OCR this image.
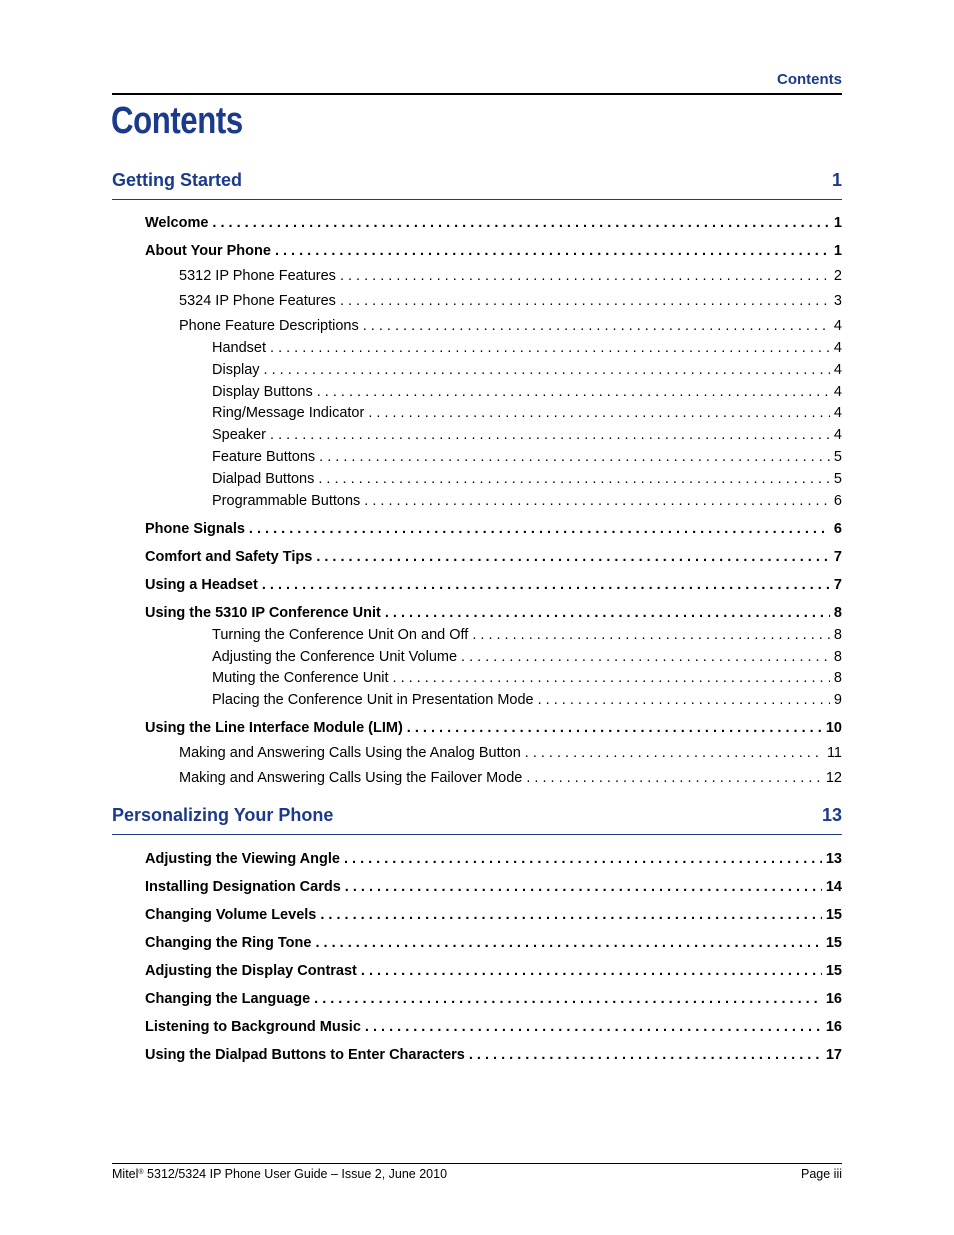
Contents
Contents
Getting Started	1
Personalizing Your Phone	13
Welcome . . .	1
About Your Phone . . .	1
5312 IP Phone Features . . .	2
5324 IP Phone Features . . .	3
Phone Feature Descriptions . . .	4
Handset . . .	4
Display . . .	4
Display Buttons . . .	4
Ring/Message Indicator . . .	4
Speaker . . .	4
Feature Buttons . . .	5
Dialpad Buttons . . .	5
Programmable Buttons . . .	6
Phone Signals . . .	6
Comfort and Safety Tips . . .	7
Using a Headset . . .	7
Using the 5310 IP Conference Unit . . .	8
Turning the Conference Unit On and Off . . .	8
Adjusting the Conference Unit Volume . . .	8
Muting the Conference Unit . . .	8
Placing the Conference Unit in Presentation Mode . . .	9
Using the Line Interface Module (LIM) . . .	10
Making and Answering Calls Using the Analog Button . . .	11
Making and Answering Calls Using the Failover Mode . . .	12
Adjusting the Viewing Angle . . .	13
Installing Designation Cards . . .	14
Changing Volume Levels . . .	15
Changing the Ring Tone . . .	15
Adjusting the Display Contrast . . .	15
Changing the Language . . .	16
Listening to Background Music . . .	16
Using the Dialpad Buttons to Enter Characters . . .	17
Mitel® 5312/5324 IP Phone User Guide – Issue 2, June 2010	Page iii
